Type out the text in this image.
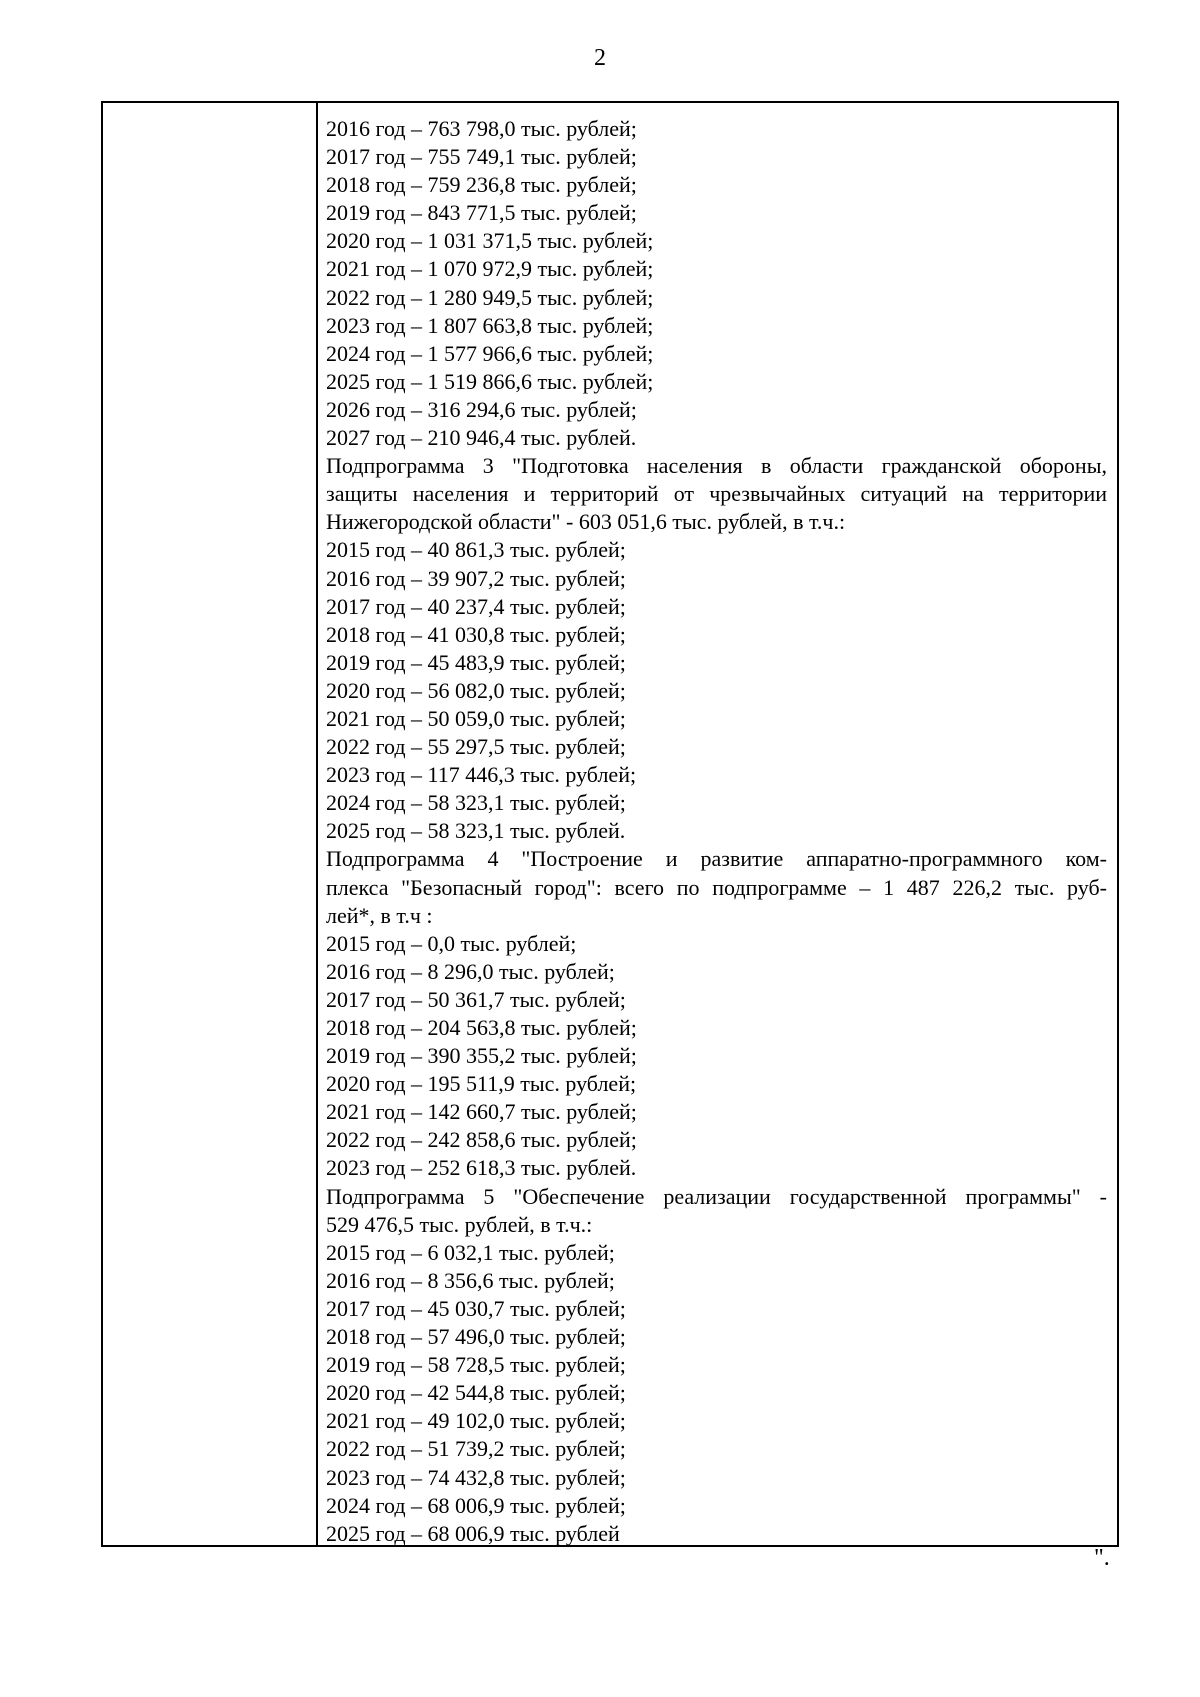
2

2016 год – 763 798,0 тыс. рублей;

2017 год – 755 749,1 тыс. рублей;

2018 год – 759 236,8 тыс. рублей;

2019 год – 843 771,5 тыс. рублей;

2020 год – 1 031 371,5 тыс. рублей;

2021 год – 1 070 972,9 тыс. рублей;

2022 год – 1 280 949,5 тыс. рублей;

2023 год – 1 807 663,8 тыс. рублей;

2024 год – 1 577 966,6 тыс. рублей;

2025 год – 1 519 866,6 тыс. рублей;

2026 год – 316 294,6 тыс. рублей;

2027 год – 210 946,4 тыс. рублей.

Подпрограмма 3 "Подготовка населения в области гражданской обороны,

защиты населения и территорий от чрезвычайных ситуаций на территории

Нижегородской области" - 603 051,6 тыс. рублей, в т.ч.:

2015 год – 40 861,3 тыс. рублей;

2016 год – 39 907,2 тыс. рублей;

2017 год – 40 237,4 тыс. рублей;

2018 год – 41 030,8 тыс. рублей;

2019 год – 45 483,9 тыс. рублей;

2020 год – 56 082,0 тыс. рублей;

2021 год – 50 059,0 тыс. рублей;

2022 год – 55 297,5 тыс. рублей;

2023 год – 117 446,3 тыс. рублей;

2024 год – 58 323,1 тыс. рублей;

2025 год – 58 323,1 тыс. рублей.

Подпрограмма 4 "Построение и развитие аппаратно-программного ком-

плекса "Безопасный город": всего по подпрограмме – 1 487 226,2 тыс. руб-

лей*, в т.ч :

2015 год – 0,0 тыс. рублей;

2016 год – 8 296,0 тыс. рублей;

2017 год – 50 361,7 тыс. рублей;

2018 год – 204 563,8 тыс. рублей;

2019 год – 390 355,2 тыс. рублей;

2020 год – 195 511,9 тыс. рублей;

2021 год – 142 660,7 тыс. рублей;

2022 год – 242 858,6 тыс. рублей;

2023 год – 252 618,3 тыс. рублей.

Подпрограмма 5 "Обеспечение реализации государственной программы" -

529 476,5 тыс. рублей, в т.ч.:

2015 год – 6 032,1 тыс. рублей;

2016 год – 8 356,6 тыс. рублей;

2017 год – 45 030,7 тыс. рублей;

2018 год – 57 496,0 тыс. рублей;

2019 год – 58 728,5 тыс. рублей;

2020 год – 42 544,8 тыс. рублей;

2021 год – 49 102,0 тыс. рублей;

2022 год – 51 739,2 тыс. рублей;

2023 год – 74 432,8 тыс. рублей;

2024 год – 68 006,9 тыс. рублей;

2025 год – 68 006,9 тыс. рублей

".
